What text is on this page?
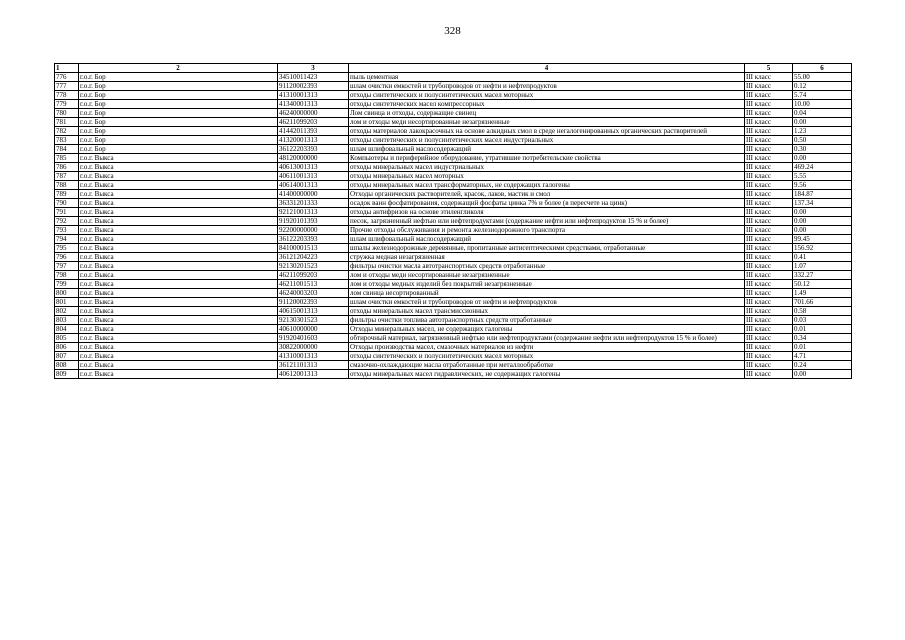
328
1	2	3	4	5	6
776	г.о.г. Бор	34510011423	пыль цементная	III класс	55.00
777	г.о.г. Бор	91120002393	шлам очистки емкостей и трубопроводов от нефти и нефтепродуктов	III класс	0.12
778	г.о.г. Бор	41310001313	отходы синтетических и полусинтетических масел моторных	III класс	5.74
779	г.о.г. Бор	41340001313	отходы синтетических масел компрессорных	III класс	10.00
780	г.о.г. Бор	46240000000	Лом свинца и отходы, содержащие свинец	III класс	0.04
781	г.о.г. Бор	46211099203	лом и отходы меди несортированные незагрязненные	III класс	0.00
782	г.о.г. Бор	41442011393	отходы материалов лакокрасочных на основе алкидных смол в среде негалогенированных органических растворителей	III класс	1.23
783	г.о.г. Бор	41320001313	отходы синтетических и полусинтетических масел индустриальных	III класс	0.50
784	г.о.г. Бор	36122203393	шлам шлифовальный маслосодержащий	III класс	0.30
785	г.о.г. Выкса	48120000000	Компьютеры и периферийное оборудование, утратившие потребительские свойства	III класс	0.00
786	г.о.г. Выкса	40613001313	отходы минеральных масел индустриальных	III класс	469.24
787	г.о.г. Выкса	40611001313	отходы минеральных масел моторных	III класс	5.55
788	г.о.г. Выкса	40614001313	отходы минеральных масел трансформаторных, не содержащих галогены	III класс	9.56
789	г.о.г. Выкса	41400000000	Отходы органических растворителей, красок, лаков, мастик и смол	III класс	184.87
790	г.о.г. Выкса	36331201333	осадок ванн фосфатирования, содержащий фосфаты цинка 7% и более (в пересчете на цинк)	III класс	137.34
791	г.о.г. Выкса	92121001313	отходы антифризов на основе этиленгликоля	III класс	0.00
792	г.о.г. Выкса	91920101393	песок, загрязненный нефтью или нефтепродуктами (содержание нефти или нефтепродуктов 15 % и более)	III класс	0.00
793	г.о.г. Выкса	92200000000	Прочие отходы обслуживания и ремонта железнодорожного транспорта	III класс	0.00
794	г.о.г. Выкса	36122203393	шлам шлифовальный маслосодержащий	III класс	99.45
795	г.о.г. Выкса	84100001513	шпалы железнодорожные деревянные, пропитанные антисептическими средствами, отработанные	III класс	156.92
796	г.о.г. Выкса	36121204223	стружка медная незагрязненная	III класс	0.41
797	г.о.г. Выкса	92130201523	фильтры очистки масла автотранспортных средств отработанные	III класс	1.07
798	г.о.г. Выкса	46211099203	лом и отходы меди несортированные незагрязненные	III класс	332.27
799	г.о.г. Выкса	46211001513	лом и отходы медных изделий без покрытий незагрязненные	III класс	50.12
800	г.о.г. Выкса	46240003203	лом свинца несортированный	III класс	1.49
801	г.о.г. Выкса	91120002393	шлам очистки емкостей и трубопроводов от нефти и нефтепродуктов	III класс	701.66
802	г.о.г. Выкса	40615001313	отходы минеральных масел трансмиссионных	III класс	0.58
803	г.о.г. Выкса	92130301523	фильтры очистки топлива автотранспортных средств отработанные	III класс	0.03
804	г.о.г. Выкса	40610000000	Отходы минеральных масел, не содержащих галогены	III класс	0.01
805	г.о.г. Выкса	91920401603	обтирочный материал, загрязненный нефтью или нефтепродуктами (содержание нефти или нефтепродуктов 15 % и более)	III класс	0.34
806	г.о.г. Выкса	30822000000	Отходы производства масел, смазочных материалов из нефти	III класс	0.01
807	г.о.г. Выкса	41310001313	отходы синтетических и полусинтетических масел моторных	III класс	4.71
808	г.о.г. Выкса	36121101313	смазочно-охлаждающие масла отработанные при металлообработке	III класс	0.24
809	г.о.г. Выкса	40612001313	отходы минеральных масел гидравлических, не содержащих галогены	III класс	0.00
